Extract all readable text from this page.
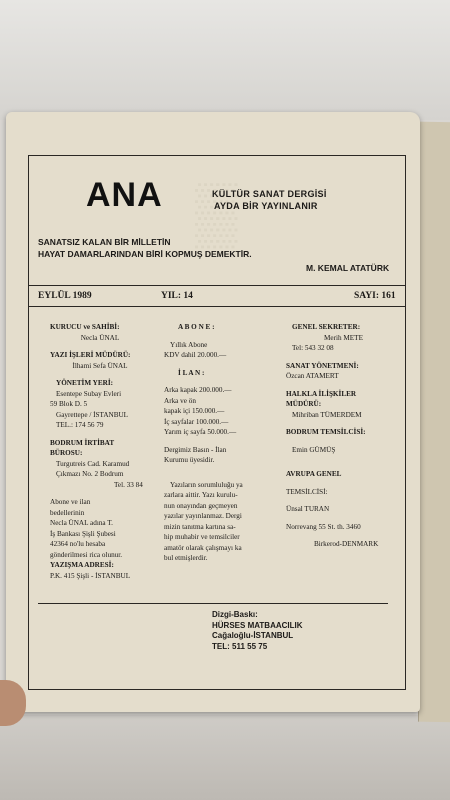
▒
ANA	KÜLTÜR SANAT DERGİSİ
AYDA BİR YAYINLANIR
SANATSIZ KALAN BİR MİLLETİN
HAYAT DAMARLARINDAN BİRİ KOPMUŞ DEMEKTİR.
M. KEMAL ATATÜRK
EYLÜL 1989	YIL: 14	SAYI: 161

KURUCU ve SAHİBİ:

Necla ÜNAL

YAZI İŞLERİ MÜDÜRÜ:

İlhami Sefa ÜNAL

YÖNETİM YERİ:

Esentepe Subay Evleri

59 Blok D. 5

Gayrettepe / İSTANBUL

TEL.: 174 56 79

BODRUM İRTİBAT

BÜROSU:

Turgutreis Cad. Karamud

Çıkmazı No. 2 Bodrum

Tel. 33 84

Abone ve ilan

bedellerinin

Necla ÜNAL adına T.

İş Bankası Şişli Şubesi

42364 no'lu hesaba

gönderilmesi rica olunur.

YAZIŞMA ADRESİ:

P.K. 415 Şişli - İSTANBUL

A B O N E :

Yıllık Abone

KDV dahil 20.000.—

İ L A N :

Arka kapak 200.000.—

Arka ve ön

kapak içi 150.000.—

İç sayfalar 100.000.—

Yarım iç sayfa 50.000.—

Dergimiz Basın - İlan

Kurumu üyesidir.

Yazıların sorumluluğu ya

zarlara aittir. Yazı kurulu-

nun onayından geçmeyen

yazılar yayınlanmaz. Dergi

mizin tanıtma kartına sa-

hip muhabir ve temsilciler

amatör olarak çalışmayı ka

bul etmişlerdir.

GENEL SEKRETER:

Merih METE

Tel: 543 32 08

SANAT YÖNETMENİ:

Özcan ATAMERT

HALKLA İLİŞKİLER

MÜDÜRÜ:

Mihriban TÜMERDEM

BODRUM TEMSİLCİSİ:

Emin GÜMÜŞ

AVRUPA GENEL

TEMSİLCİSİ:

Ünsal TURAN

Norrevang 55 St. th. 3460

Birkerod-DENMARK

Dizgi-Baskı:

HÜRSES MATBAACILIK

Cağaloğlu-İSTANBUL

TEL: 511 55 75
